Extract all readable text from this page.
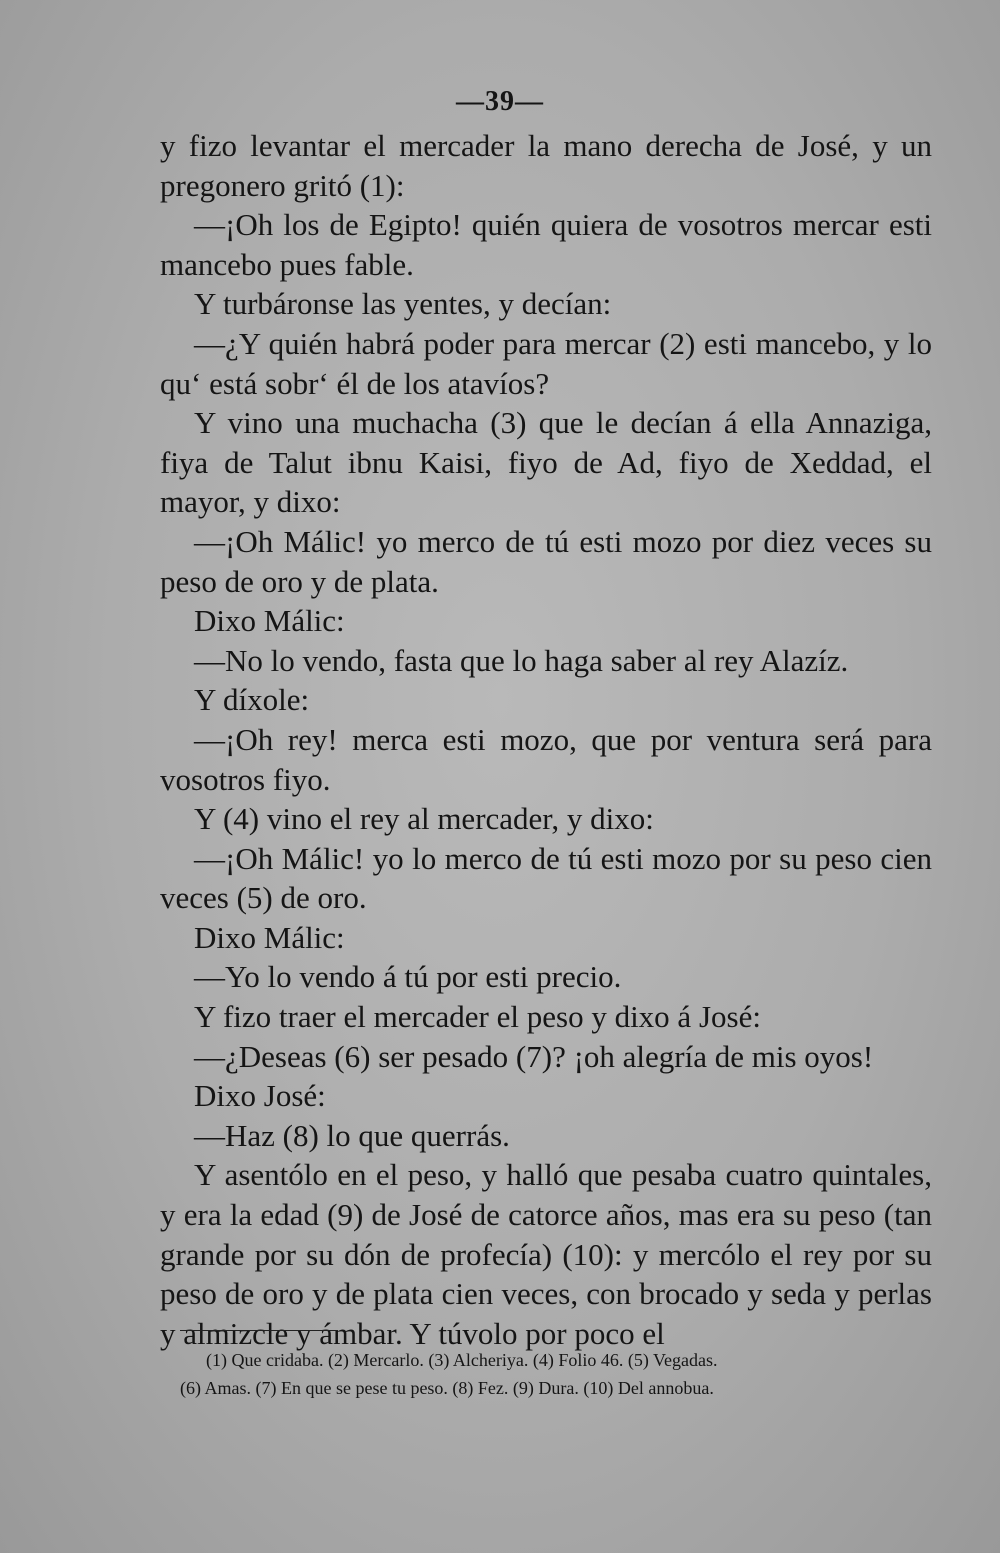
—39—

y fizo levantar el mercader la mano derecha de José, y un pregonero gritó (1):

—¡Oh los de Egipto! quién quiera de vosotros mercar esti mancebo pues fable.

Y turbáronse las yentes, y decían:

—¿Y quién habrá poder para mercar (2) esti mancebo, y lo qu‘ está sobr‘ él de los atavíos?

Y vino una muchacha (3) que le decían á ella Annaziga, fiya de Talut ibnu Kaisi, fiyo de Ad, fiyo de Xeddad, el mayor, y dixo:

—¡Oh Málic! yo merco de tú esti mozo por diez veces su peso de oro y de plata.

Dixo Málic:

—No lo vendo, fasta que lo haga saber al rey Alazíz.

Y díxole:

—¡Oh rey! merca esti mozo, que por ventura será para vosotros fiyo.

Y (4) vino el rey al mercader, y dixo:

—¡Oh Málic! yo lo merco de tú esti mozo por su peso cien veces (5) de oro.

Dixo Málic:

—Yo lo vendo á tú por esti precio.

Y fizo traer el mercader el peso y dixo á José:

—¿Deseas (6) ser pesado (7)? ¡oh alegría de mis oyos!

Dixo José:

—Haz (8) lo que querrás.

Y asentólo en el peso, y halló que pesaba cuatro quintales, y era la edad (9) de José de catorce años, mas era su peso (tan grande por su dón de profecía) (10): y mercólo el rey por su peso de oro y de plata cien veces, con brocado y seda y perlas y almizcle y ámbar. Y túvolo por poco el

(1) Que cridaba. (2) Mercarlo. (3) Alcheriya. (4) Folio 46. (5) Vegadas.

(6) Amas. (7) En que se pese tu peso. (8) Fez. (9) Dura. (10) Del annobua.
